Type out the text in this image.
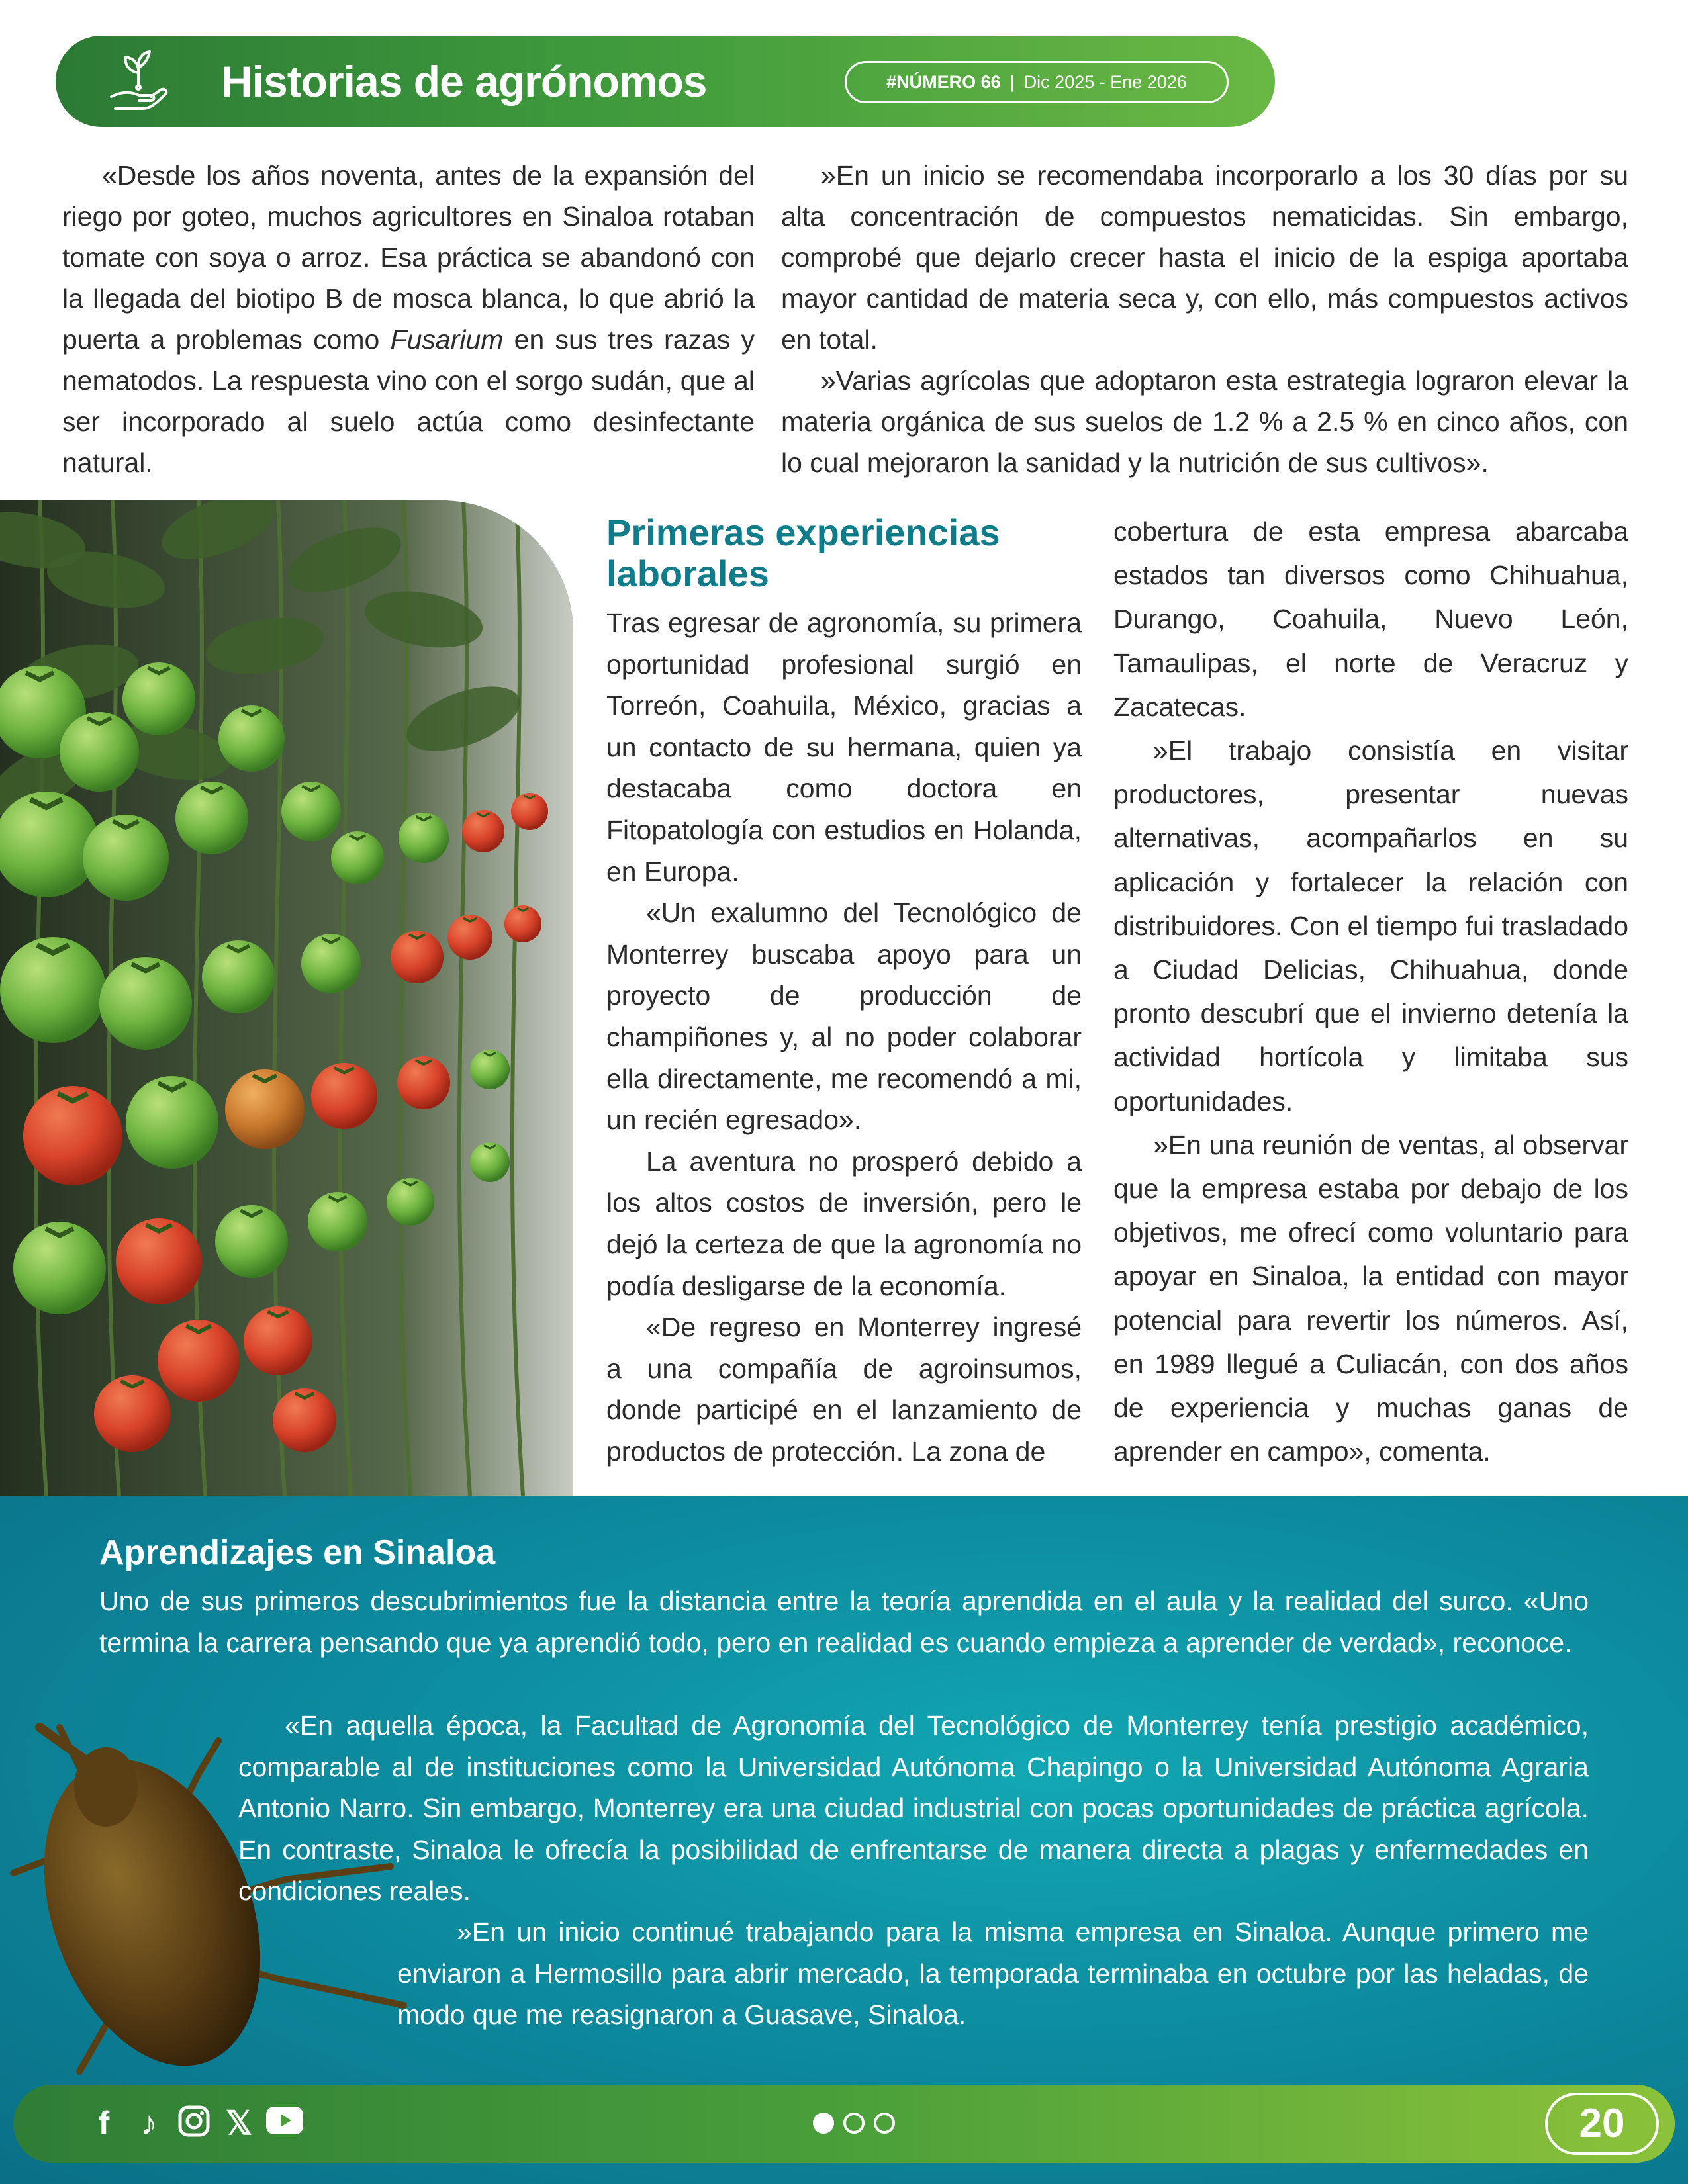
Historias de agrónomos	#NÚMERO 66 | Dic 2025 - Ene 2026

«Desde los años noventa, antes de la expansión del riego por goteo, muchos agricultores en Sinaloa rotaban tomate con soya o arroz. Esa práctica se abandonó con la llegada del biotipo B de mosca blanca, lo que abrió la puerta a problemas como Fusarium en sus tres razas y nematodos. La respuesta vino con el sorgo sudán, que al ser incorporado al suelo actúa como desinfectante natural.

»En un inicio se recomendaba incorporarlo a los 30 días por su alta concentración de compuestos nematicidas. Sin embargo, comprobé que dejarlo crecer hasta el inicio de la espiga aportaba mayor cantidad de materia seca y, con ello, más compuestos activos en total.

»Varias agrícolas que adoptaron esta estrategia lograron elevar la materia orgánica de sus suelos de 1.2 % a 2.5 % en cinco años, con lo cual mejoraron la sanidad y la nutrición de sus cultivos».

Primeras experiencias laborales

Tras egresar de agronomía, su primera oportunidad profesional surgió en Torreón, Coahuila, México, gracias a un contacto de su hermana, quien ya destacaba como doctora en Fitopatología con estudios en Holanda, en Europa.

«Un exalumno del Tecnológico de Monterrey buscaba apoyo para un proyecto de producción de champiñones y, al no poder colaborar ella directamente, me recomendó a mi, un recién egresado».

La aventura no prosperó debido a los altos costos de inversión, pero le dejó la certeza de que la agronomía no podía desligarse de la economía.

«De regreso en Monterrey ingresé a una compañía de agroinsumos, donde participé en el lanzamiento de productos de protección. La zona de

cobertura de esta empresa abarcaba estados tan diversos como Chihuahua, Durango, Coahuila, Nuevo León, Tamaulipas, el norte de Veracruz y Zacatecas.

»El trabajo consistía en visitar productores, presentar nuevas alternativas, acompañarlos en su aplicación y fortalecer la relación con distribuidores. Con el tiempo fui trasladado a Ciudad Delicias, Chihuahua, donde pronto descubrí que el invierno detenía la actividad hortícola y limitaba sus oportunidades.

»En una reunión de ventas, al observar que la empresa estaba por debajo de los objetivos, me ofrecí como voluntario para apoyar en Sinaloa, la entidad con mayor potencial para revertir los números. Así, en 1989 llegué a Culiacán, con dos años de experiencia y muchas ganas de aprender en campo», comenta.

Aprendizajes en Sinaloa
Uno de sus primeros descubrimientos fue la distancia entre la teoría aprendida en el aula y la realidad del surco. «Uno termina la carrera pensando que ya aprendió todo, pero en realidad es cuando empieza a aprender de verdad», reconoce.
«En aquella época, la Facultad de Agronomía del Tecnológico de Monterrey tenía prestigio académico, comparable al de instituciones como la Universidad Autónoma Chapingo o la Universidad Autónoma Agraria Antonio Narro. Sin embargo, Monterrey era una ciudad industrial con pocas oportunidades de práctica agrícola. En contraste, Sinaloa le ofrecía la posibilidad de enfrentarse de manera directa a plagas y enfermedades en condiciones reales.
»En un inicio continué trabajando para la misma empresa en Sinaloa. Aunque primero me enviaron a Hermosillo para abrir mercado, la temporada terminaba en octubre por las heladas, de modo que me reasignaron a Guasave, Sinaloa.
f ♪ 𝕏	20
